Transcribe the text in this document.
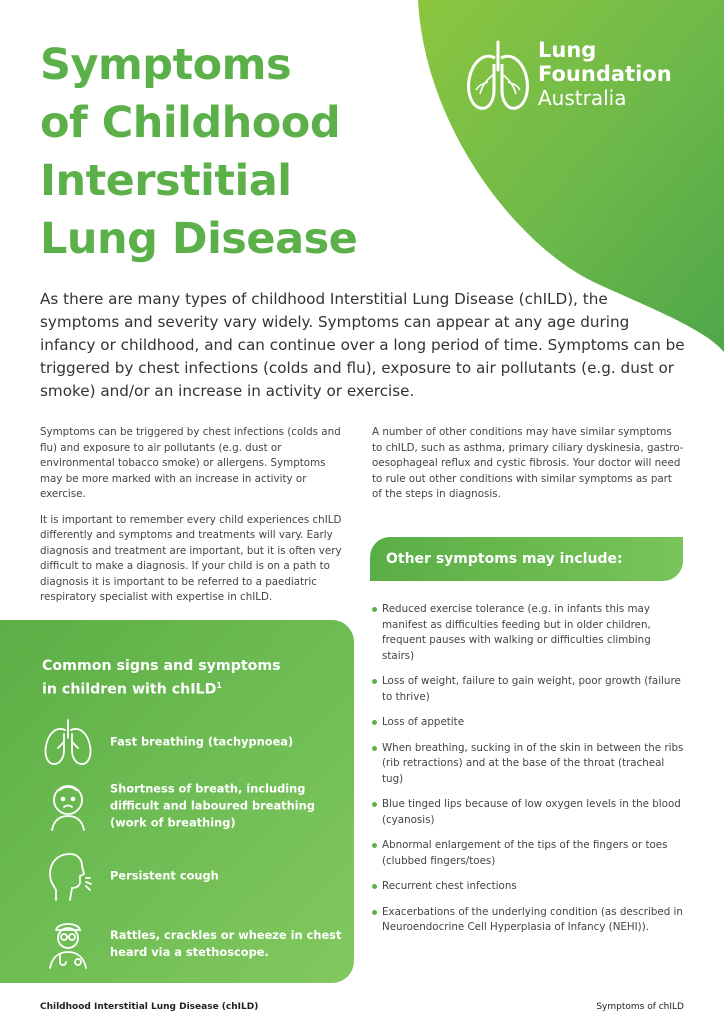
Symptoms
of Childhood
Interstitial
Lung Disease
Lung
Foundation
Australia

As there are many types of childhood Interstitial Lung Disease (chILD), the symptoms and severity vary widely. Symptoms can appear at any age during infancy or childhood, and can continue over a long period of time. Symptoms can be triggered by chest infections (colds and flu), exposure to air pollutants (e.g. dust or smoke) and/or an increase in activity or exercise.

Symptoms can be triggered by chest infections (colds and flu) and exposure to air pollutants (e.g. dust or environmental tobacco smoke) or allergens. Symptoms may be more marked with an increase in activity or exercise.

It is important to remember every child experiences chILD differently and symptoms and treatments will vary. Early diagnosis and treatment are important, but it is often very difficult to make a diagnosis. If your child is on a path to diagnosis it is important to be referred to a paediatric respiratory specialist with expertise in chILD.

A number of other conditions may have similar symptoms to chILD, such as asthma, primary ciliary dyskinesia, gastro-oesophageal reflux and cystic fibrosis. Your doctor will need to rule out other conditions with similar symptoms as part of the steps in diagnosis.

Common signs and symptoms
in children with chILD$^1$
Fast breathing (tachypnoea)
Shortness of breath, including difficult and laboured breathing (work of breathing)
Persistent cough
Rattles, crackles or wheeze in chest heard via a stethoscope.
Other symptoms may include:
Reduced exercise tolerance (e.g. in infants this may manifest as difficulties feeding but in older children, frequent pauses with walking or difficulties climbing stairs)
Loss of weight, failure to gain weight, poor growth (failure to thrive)
Loss of appetite
When breathing, sucking in of the skin in between the ribs (rib retractions) and at the base of the throat (tracheal tug)
Blue tinged lips because of low oxygen levels in the blood (cyanosis)
Abnormal enlargement of the tips of the fingers or toes (clubbed fingers/toes)
Recurrent chest infections
Exacerbations of the underlying condition (as described in Neuroendocrine Cell Hyperplasia of Infancy (NEHI)).
Childhood Interstitial Lung Disease (chILD)	Symptoms of chILD
